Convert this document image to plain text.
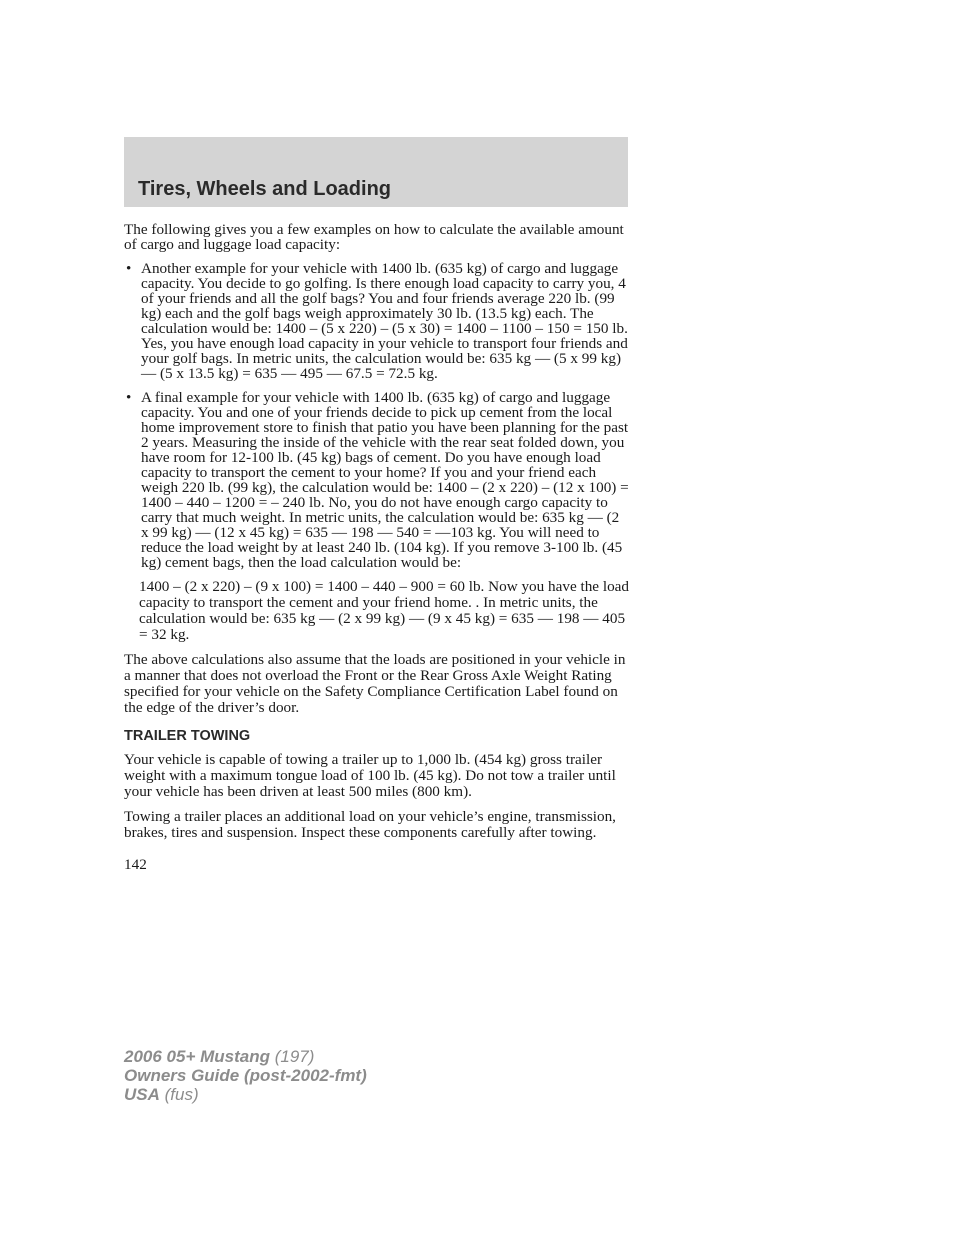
Tires, Wheels and Loading

The following gives you a few examples on how to calculate the available amount of cargo and luggage load capacity:

• Another example for your vehicle with 1400 lb. (635 kg) of cargo and luggage capacity. You decide to go golfing. Is there enough load capacity to carry you, 4 of your friends and all the golf bags? You and four friends average 220 lb. (99 kg) each and the golf bags weigh approximately 30 lb. (13.5 kg) each. The calculation would be: 1400 – (5 x 220) – (5 x 30) = 1400 – 1100 – 150 = 150 lb. Yes, you have enough load capacity in your vehicle to transport four friends and your golf bags. In metric units, the calculation would be: 635 kg — (5 x 99 kg) — (5 x 13.5 kg) = 635 — 495 — 67.5 = 72.5 kg.
• A final example for your vehicle with 1400 lb. (635 kg) of cargo and luggage capacity. You and one of your friends decide to pick up cement from the local home improvement store to finish that patio you have been planning for the past 2 years. Measuring the inside of the vehicle with the rear seat folded down, you have room for 12-100 lb. (45 kg) bags of cement. Do you have enough load capacity to transport the cement to your home? If you and your friend each weigh 220 lb. (99 kg), the calculation would be: 1400 – (2 x 220) – (12 x 100) = 1400 – 440 – 1200 = – 240 lb. No, you do not have enough cargo capacity to carry that much weight. In metric units, the calculation would be: 635 kg — (2 x 99 kg) — (12 x 45 kg) = 635 — 198 — 540 = —103 kg. You will need to reduce the load weight by at least 240 lb. (104 kg). If you remove 3-100 lb. (45 kg) cement bags, then the load calculation would be:

1400 – (2 x 220) – (9 x 100) = 1400 – 440 – 900 = 60 lb. Now you have the load capacity to transport the cement and your friend home. . In metric units, the calculation would be: 635 kg — (2 x 99 kg) — (9 x 45 kg) = 635 — 198 — 405 = 32 kg.

The above calculations also assume that the loads are positioned in your vehicle in a manner that does not overload the Front or the Rear Gross Axle Weight Rating specified for your vehicle on the Safety Compliance Certification Label found on the edge of the driver’s door.

TRAILER TOWING

Your vehicle is capable of towing a trailer up to 1,000 lb. (454 kg) gross trailer weight with a maximum tongue load of 100 lb. (45 kg). Do not tow a trailer until your vehicle has been driven at least 500 miles (800 km).

Towing a trailer places an additional load on your vehicle’s engine, transmission, brakes, tires and suspension. Inspect these components carefully after towing.

142
2006 05+ Mustang (197)
Owners Guide (post-2002-fmt)
USA (fus)
